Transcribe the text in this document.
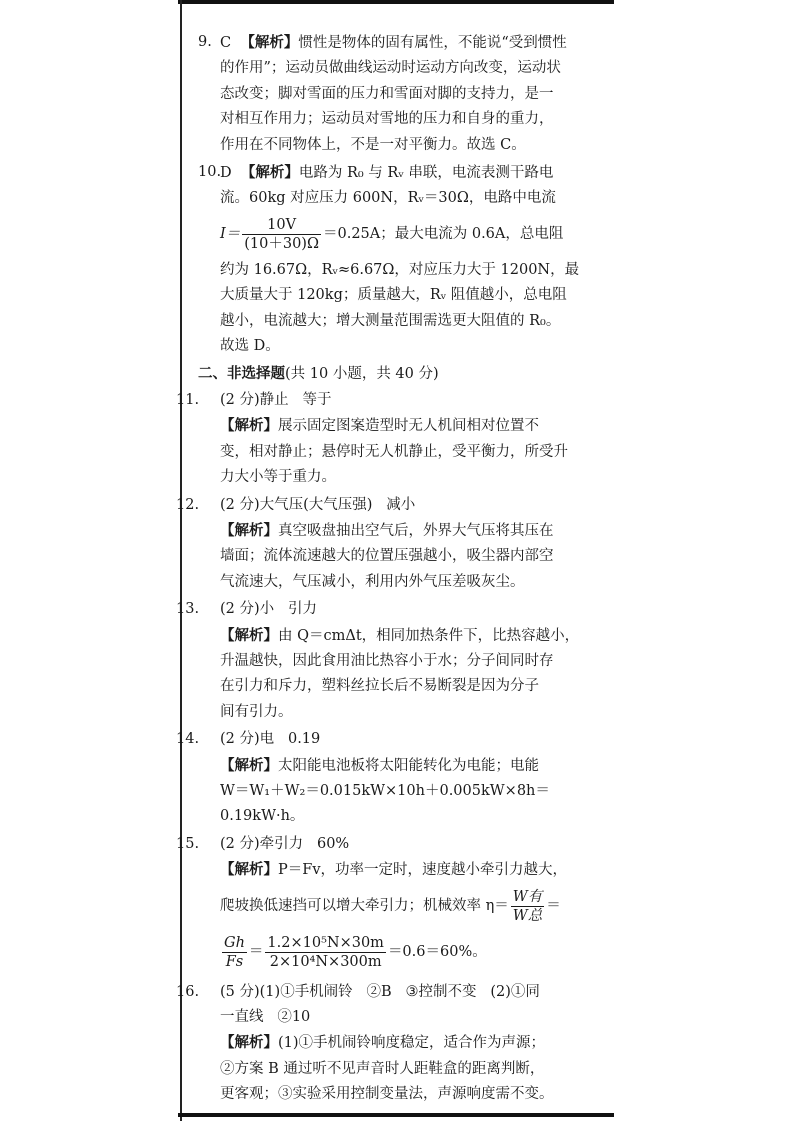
9. C 【解析】惯性是物体的固有属性，不能说“受到惯性

的作用”；运动员做曲线运动时运动方向改变，运动状

态改变；脚对雪面的压力和雪面对脚的支持力，是一

对相互作用力；运动员对雪地的压力和自身的重力，

作用在不同物体上，不是一对平衡力。故选 C。

10.

D 【解析】电路为 R₀ 与 Rᵥ 串联，电流表测干路电

流。60kg 对应压力 600N，Rᵥ＝30Ω，电路中电流

$I= \frac{10V}{(10+30)\Omega} =0.25A$；最大电流为 0.6A，总电阻

约为 16.67Ω，Rᵥ≈6.67Ω，对应压力大于 1200N，最

大质量大于 120kg；质量越大，Rᵥ 阻值越小，总电阻

越小，电流越大；增大测量范围需选更大阻值的 R₀。

故选 D。

二、非选择题(共 10 小题，共 40 分)

11.	(2 分)静止   等于

【解析】展示固定图案造型时无人机间相对位置不

变，相对静止；悬停时无人机静止，受平衡力，所受升

力大小等于重力。

12. (2 分)大气压(大气压强)   减小

【解析】真空吸盘抽出空气后，外界大气压将其压在

墙面；流体流速越大的位置压强越小，吸尘器内部空

气流速大，气压减小，利用内外气压差吸灰尘。

13. (2 分)小   引力

【解析】由 Q＝cmΔt，相同加热条件下，比热容越小，

升温越快，因此食用油比热容小于水；分子间同时存

在引力和斥力，塑料丝拉长后不易断裂是因为分子

间有引力。

14. (2 分)电   0.19

【解析】太阳能电池板将太阳能转化为电能；电能

W＝W₁＋W₂＝0.015kW×10h＋0.005kW×8h＝

0.19kW·h。

15. (2 分)牵引力   60%

【解析】P＝Fv，功率一定时，速度越小牵引力越大，

爬坡换低速挡可以增大牵引力；机械效率 $\eta= \frac{\text{W有}}{\text{W总}}$ ＝
$\frac{Gh}{Fs} = \frac{\text{1.2×10⁵N×30m}}{\text{2×10⁴N×300m}} =0.6=60\%$。
16. (5 分)(1)①手机闹铃   ②B   ③控制不变   (2)①同

一直线   ②10

【解析】(1)①手机闹铃响度稳定，适合作为声源；

②方案 B 通过听不见声音时人距鞋盒的距离判断，

更客观；③实验采用控制变量法，声源响度需不变。
